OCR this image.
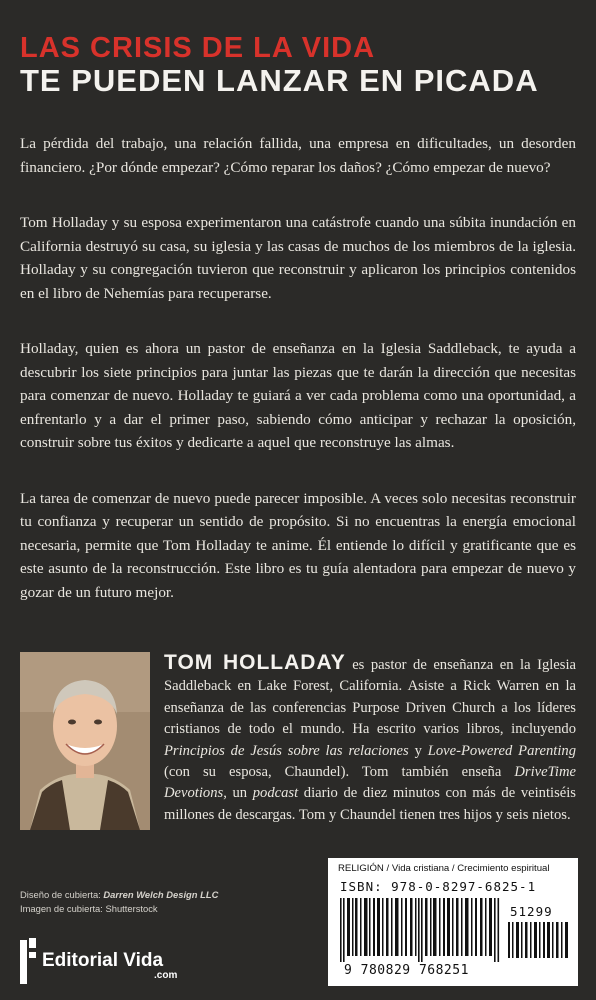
LAS CRISIS DE LA VIDA
TE PUEDEN LANZAR EN PICADA

La pérdida del trabajo, una relación fallida, una empresa en dificultades, un desorden financiero. ¿Por dónde empezar? ¿Cómo reparar los daños? ¿Cómo empezar de nuevo?

Tom Holladay y su esposa experimentaron una catástrofe cuando una súbita inundación en California destruyó su casa, su iglesia y las casas de muchos de los miembros de la iglesia. Holladay y su congregación tuvieron que reconstruir y aplicaron los principios contenidos en el libro de Nehemías para recuperarse.

Holladay, quien es ahora un pastor de enseñanza en la Iglesia Saddleback, te ayuda a descubrir los siete principios para juntar las piezas que te darán la dirección que necesitas para comenzar de nuevo. Holladay te guiará a ver cada problema como una oportunidad, a enfrentarlo y a dar el primer paso, sabiendo cómo anticipar y rechazar la oposición, construir sobre tus éxitos y dedicarte a aquel que reconstruye las almas.

La tarea de comenzar de nuevo puede parecer imposible. A veces solo necesitas reconstruir tu confianza y recuperar un sentido de propósito. Si no encuentras la energía emocional necesaria, permite que Tom Holladay te anime. Él entiende lo difícil y gratificante que es este asunto de la reconstrucción. Este libro es tu guía alentadora para empezar de nuevo y gozar de un futuro mejor.

TOM HOLLADAY es pastor de enseñanza en la Iglesia Saddleback en Lake Forest, California. Asiste a Rick Warren en la enseñanza de las conferencias Purpose Driven Church a los líderes cristianos de todo el mundo. Ha escrito varios libros, incluyendo Principios de Jesús sobre las relaciones y Love-Powered Parenting (con su esposa, Chaundel). Tom también enseña DriveTime Devotions, un podcast diario de diez minutos con más de veintiséis millones de descargas. Tom y Chaundel tienen tres hijos y seis nietos.
Diseño de cubierta: Darren Welch Design LLC
Imagen de cubierta: Shutterstock
Editorial Vida
.com
RELIGIÓN / Vida cristiana / Crecimiento espiritual
ISBN: 978-0-8297-6825-1
51299
9 780829 768251
